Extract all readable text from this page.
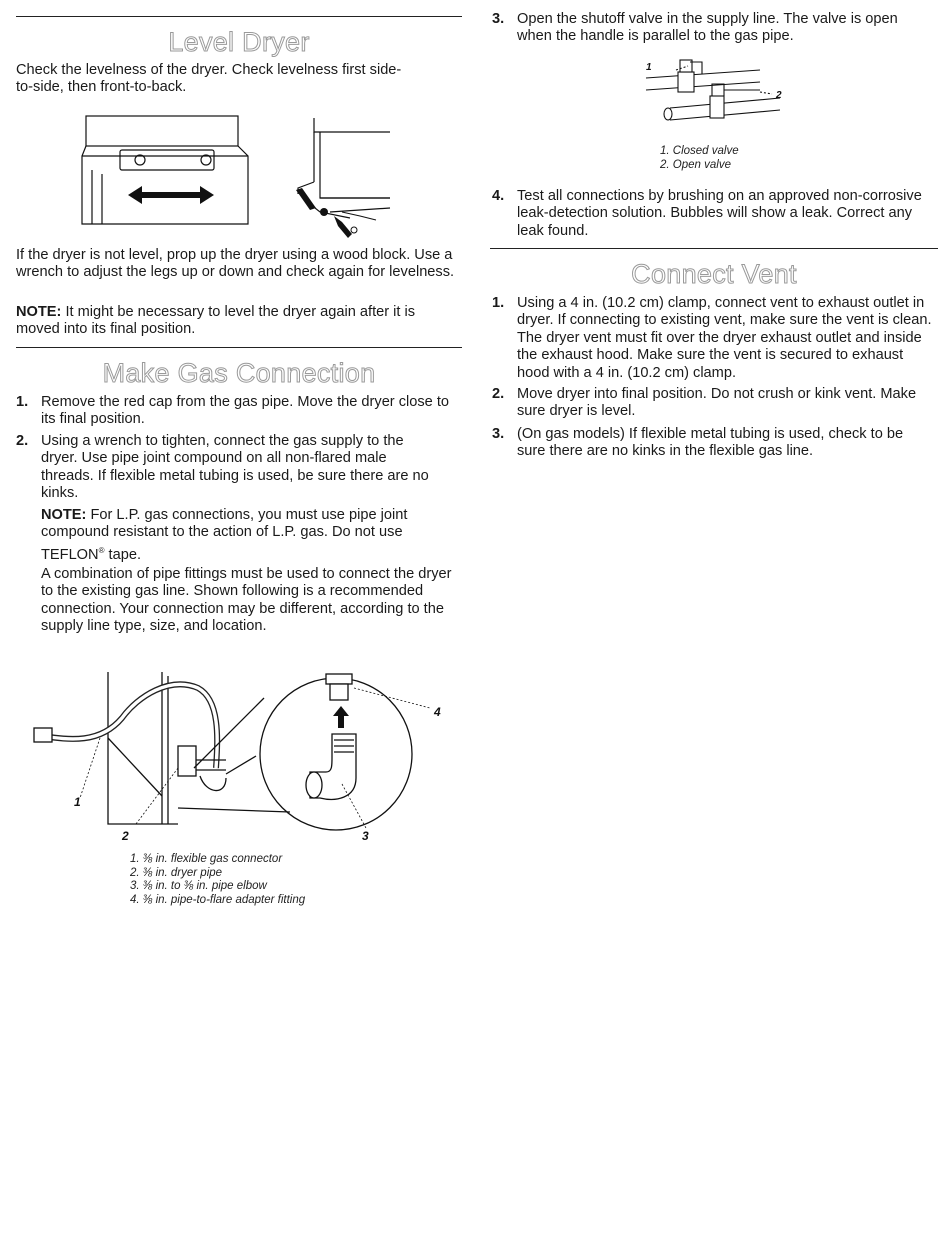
Level Dryer

Check the levelness of the dryer. Check levelness first side-to-side, then front-to-back.

If the dryer is not level, prop up the dryer using a wood block. Use a wrench to adjust the legs up or down and check again for levelness.

NOTE: It might be necessary to level the dryer again after it is moved into its final position.

Make Gas Connection
1. Remove the red cap from the gas pipe. Move the dryer close to its final position.
2. Using a wrench to tighten, connect the gas supply to the dryer. Use pipe joint compound on all non-flared male threads. If flexible metal tubing is used, be sure there are no kinks.

NOTE: For L.P. gas connections, you must use pipe joint compound resistant to the action of L.P. gas. Do not use TEFLON® tape.

A combination of pipe fittings must be used to connect the dryer to the existing gas line. Shown following is a recommended connection. Your connection may be different, according to the supply line type, size, and location.

1
2	3
4
1. ⅜ in. flexible gas connector
2. ⅜ in. dryer pipe
3. ⅜ in. to ⅜ in. pipe elbow
4. ⅜ in. pipe-to-flare adapter fitting
3. Open the shutoff valve in the supply line. The valve is open when the handle is parallel to the gas pipe.
1
2
1. Closed valve
2. Open valve
4. Test all connections by brushing on an approved non-corrosive leak-detection solution. Bubbles will show a leak. Correct any leak found.
Connect Vent
1. Using a 4 in. (10.2 cm) clamp, connect vent to exhaust outlet in dryer. If connecting to existing vent, make sure the vent is clean. The dryer vent must fit over the dryer exhaust outlet and inside the exhaust hood. Make sure the vent is secured to exhaust hood with a 4 in. (10.2 cm) clamp.
2. Move dryer into final position. Do not crush or kink vent. Make sure dryer is level.
3. (On gas models) If flexible metal tubing is used, check to be sure there are no kinks in the flexible gas line.
